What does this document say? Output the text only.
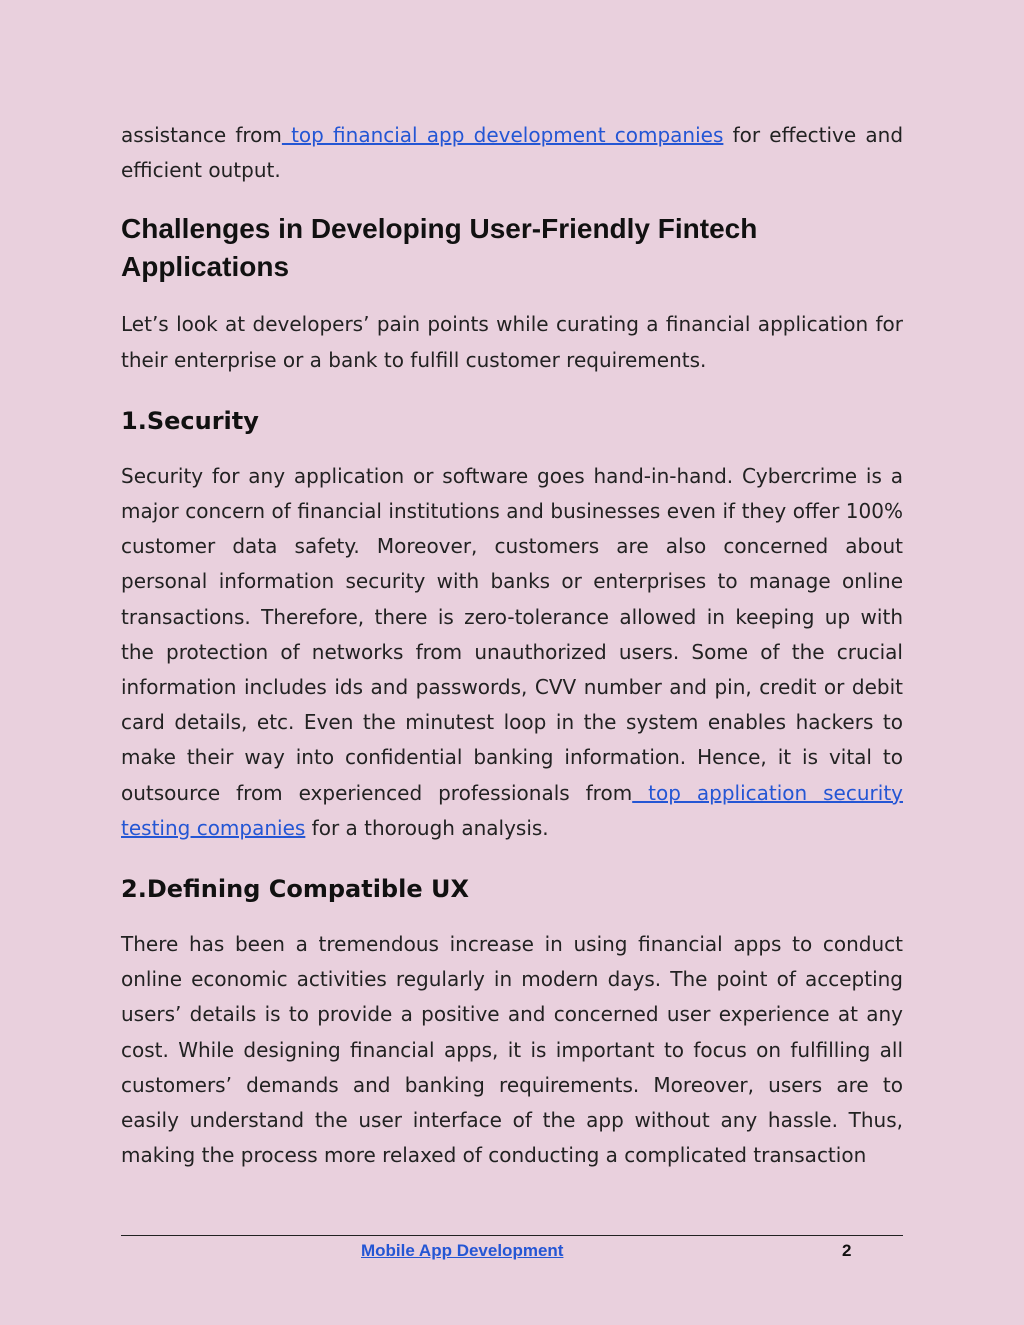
assistance from top financial app development companies for effective and efficient output.

Challenges in Developing User-Friendly Fintech Applications

Let’s look at developers’ pain points while curating a financial application for their enterprise or a bank to fulfill customer requirements.

1.Security

Security for any application or software goes hand-in-hand. Cybercrime is a major concern of financial institutions and businesses even if they offer 100% customer data safety. Moreover, customers are also concerned about personal information security with banks or enterprises to manage online transactions. Therefore, there is zero-tolerance allowed in keeping up with the protection of networks from unauthorized users. Some of the crucial information includes ids and passwords, CVV number and pin, credit or debit card details, etc. Even the minutest loop in the system enables hackers to make their way into confidential banking information. Hence, it is vital to outsource from experienced professionals from top application security testing companies for a thorough analysis.

2.Defining Compatible UX

There has been a tremendous increase in using financial apps to conduct online economic activities regularly in modern days. The point of accepting users’ details is to provide a positive and concerned user experience at any cost. While designing financial apps, it is important to focus on fulfilling all customers’ demands and banking requirements. Moreover, users are to easily understand the user interface of the app without any hassle. Thus, making the process more relaxed of conducting a complicated transaction

Mobile App Development	2
